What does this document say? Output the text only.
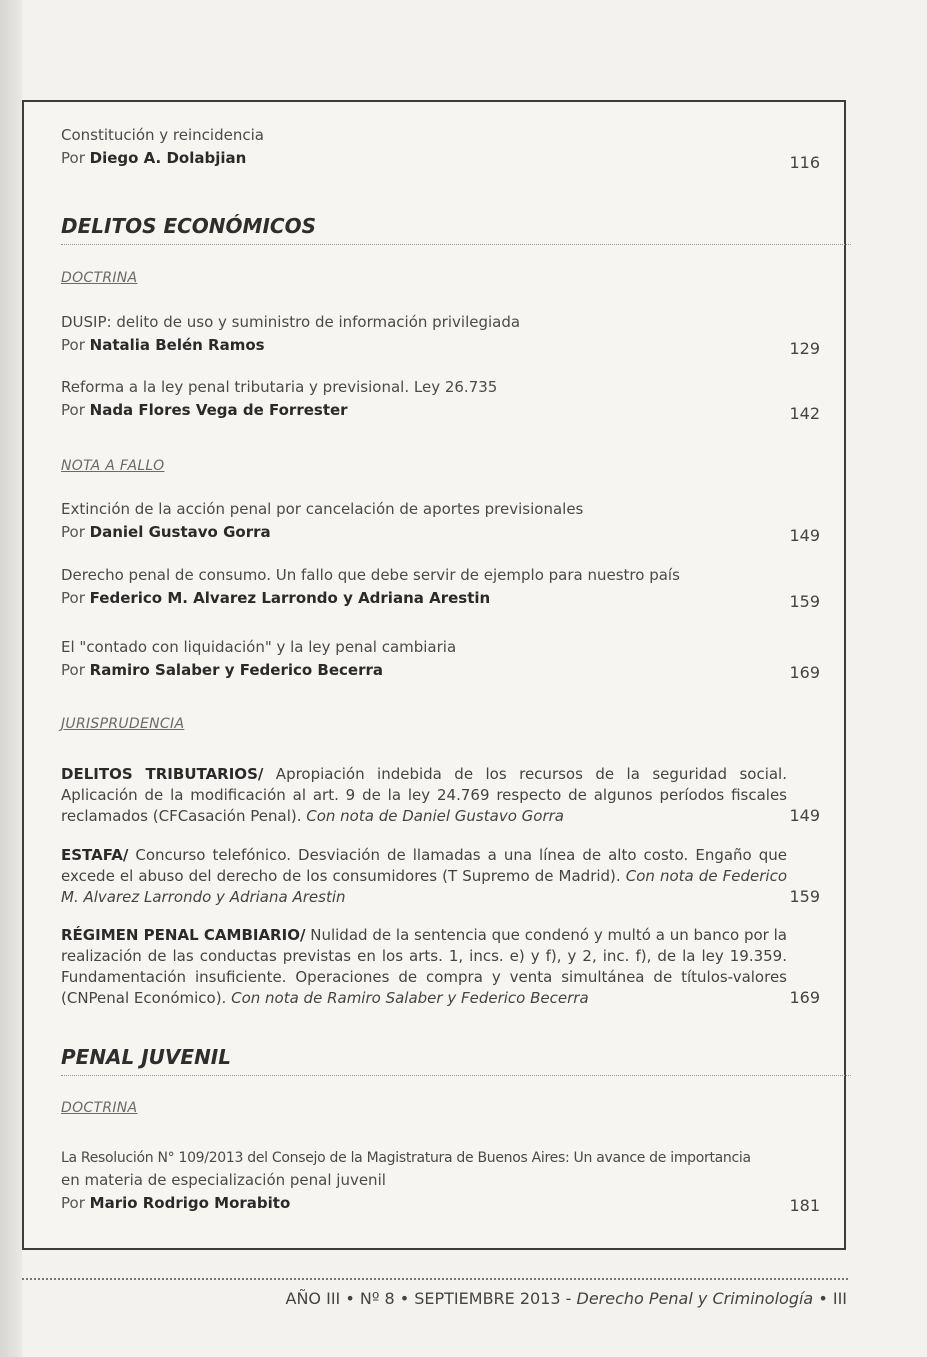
Constitución y reincidencia
Por Diego A. Dolabjian	116
DELITOS ECONÓMICOS
DOCTRINA
DUSIP: delito de uso y suministro de información privilegiada
Por Natalia Belén Ramos	129
Reforma a la ley penal tributaria y previsional. Ley 26.735
Por Nada Flores Vega de Forrester	142
NOTA A FALLO
Extinción de la acción penal por cancelación de aportes previsionales
Por Daniel Gustavo Gorra	149
Derecho penal de consumo. Un fallo que debe servir de ejemplo para nuestro país
Por Federico M. Alvarez Larrondo y Adriana Arestin	159
El "contado con liquidación" y la ley penal cambiaria
Por Ramiro Salaber y Federico Becerra	169
JURISPRUDENCIA
DELITOS TRIBUTARIOS/ Apropiación indebida de los recursos de la seguridad social. Aplicación de la modificación al art. 9 de la ley 24.769 respecto de algunos períodos fiscales reclamados (CFCasación Penal). Con nota de Daniel Gustavo Gorra	149
ESTAFA/ Concurso telefónico. Desviación de llamadas a una línea de alto costo. Engaño que excede el abuso del derecho de los consumidores (T Supremo de Madrid). Con nota de Federico M. Alvarez Larrondo y Adriana Arestin	159
RÉGIMEN PENAL CAMBIARIO/ Nulidad de la sentencia que condenó y multó a un banco por la realización de las conductas previstas en los arts. 1, incs. e) y f), y 2, inc. f), de la ley 19.359. Fundamentación insuficiente. Operaciones de compra y venta simultánea de títulos-valores (CNPenal Económico). Con nota de Ramiro Salaber y Federico Becerra	169
PENAL JUVENIL
DOCTRINA
La Resolución N° 109/2013 del Consejo de la Magistratura de Buenos Aires: Un avance de importancia
en materia de especialización penal juvenil
Por Mario Rodrigo Morabito	181
AÑO III • Nº 8 • SEPTIEMBRE 2013 - Derecho Penal y Criminología • III
